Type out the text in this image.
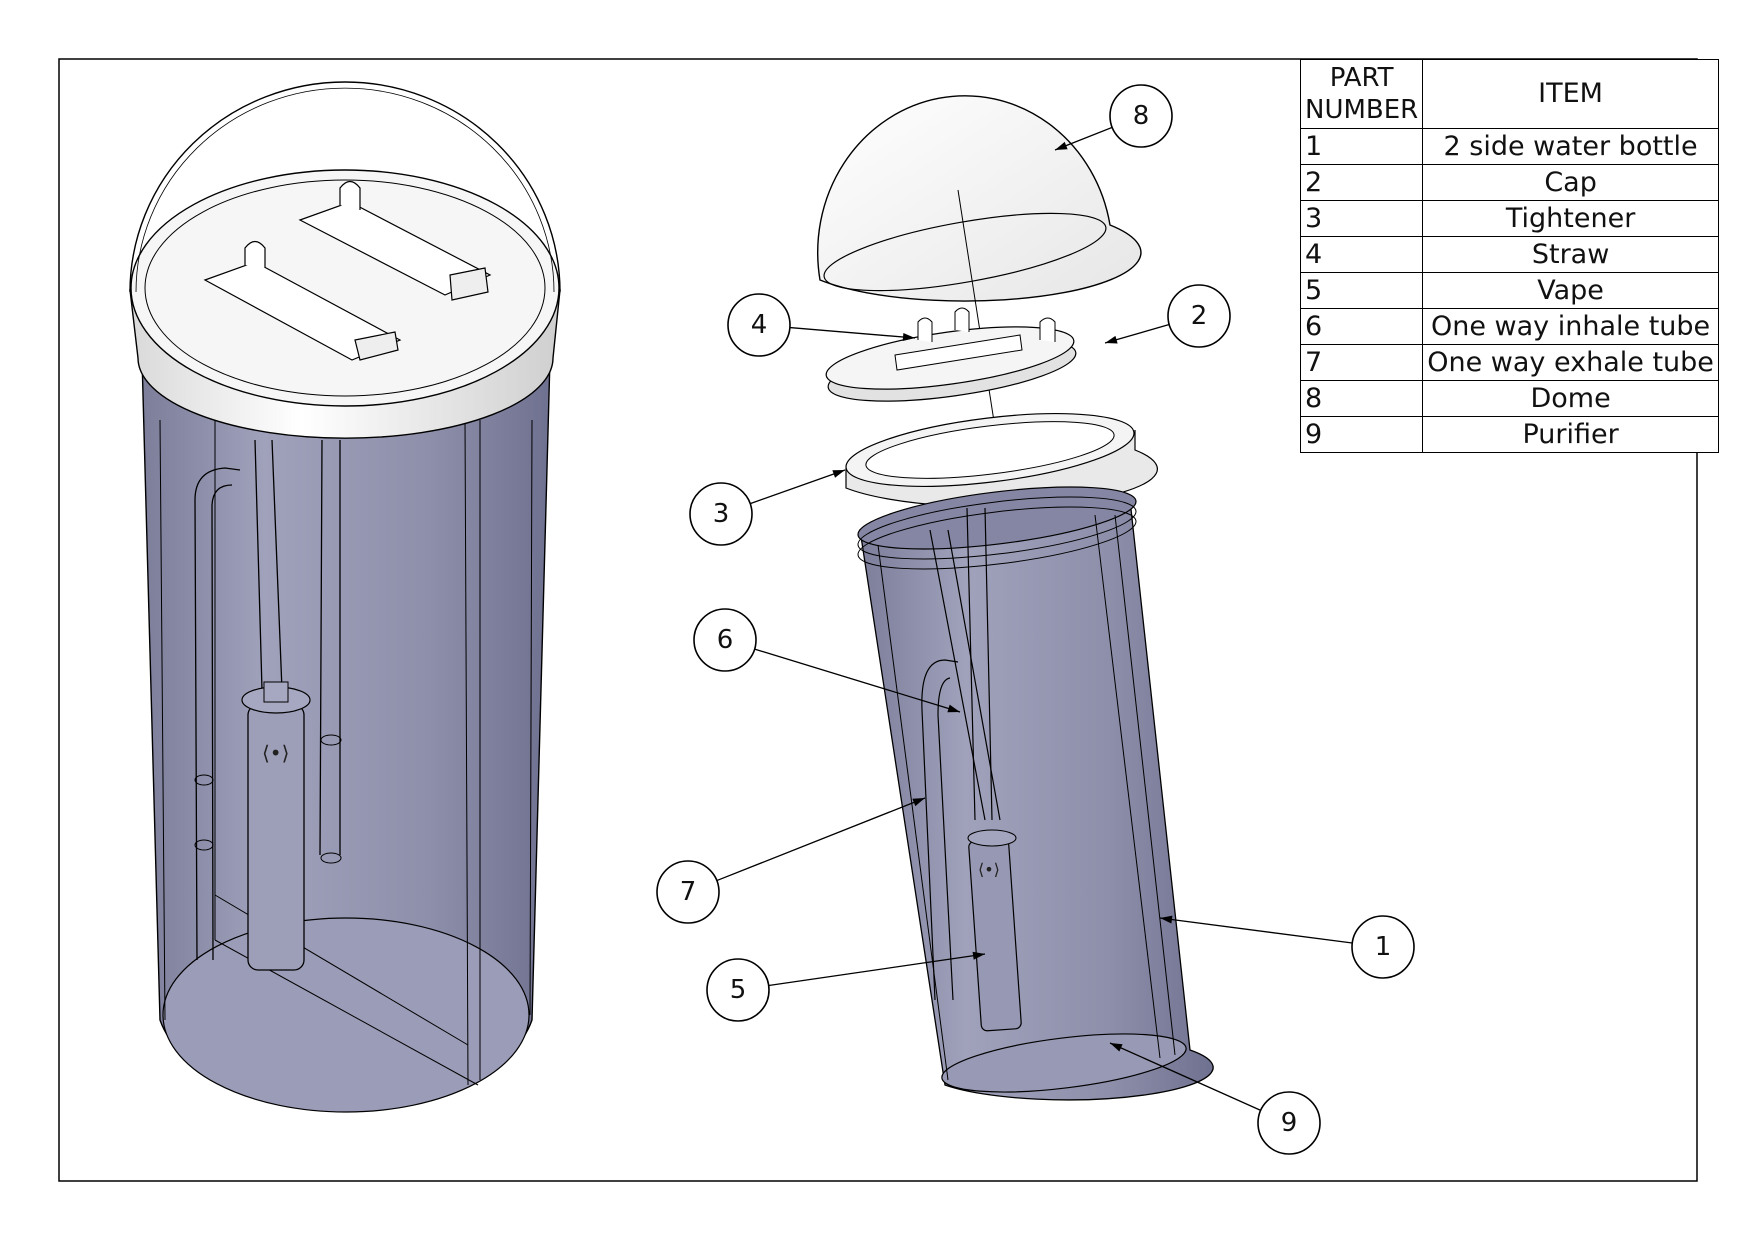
⟨•⟩
⟨•⟩
8
4	2
3
6
7
5
1
9
PART NUMBER	ITEM
1	2 side water bottle
2	Cap
3	Tightener
4	Straw
5	Vape
6	One way inhale tube
7	One way exhale tube
8	Dome
9	Purifier
